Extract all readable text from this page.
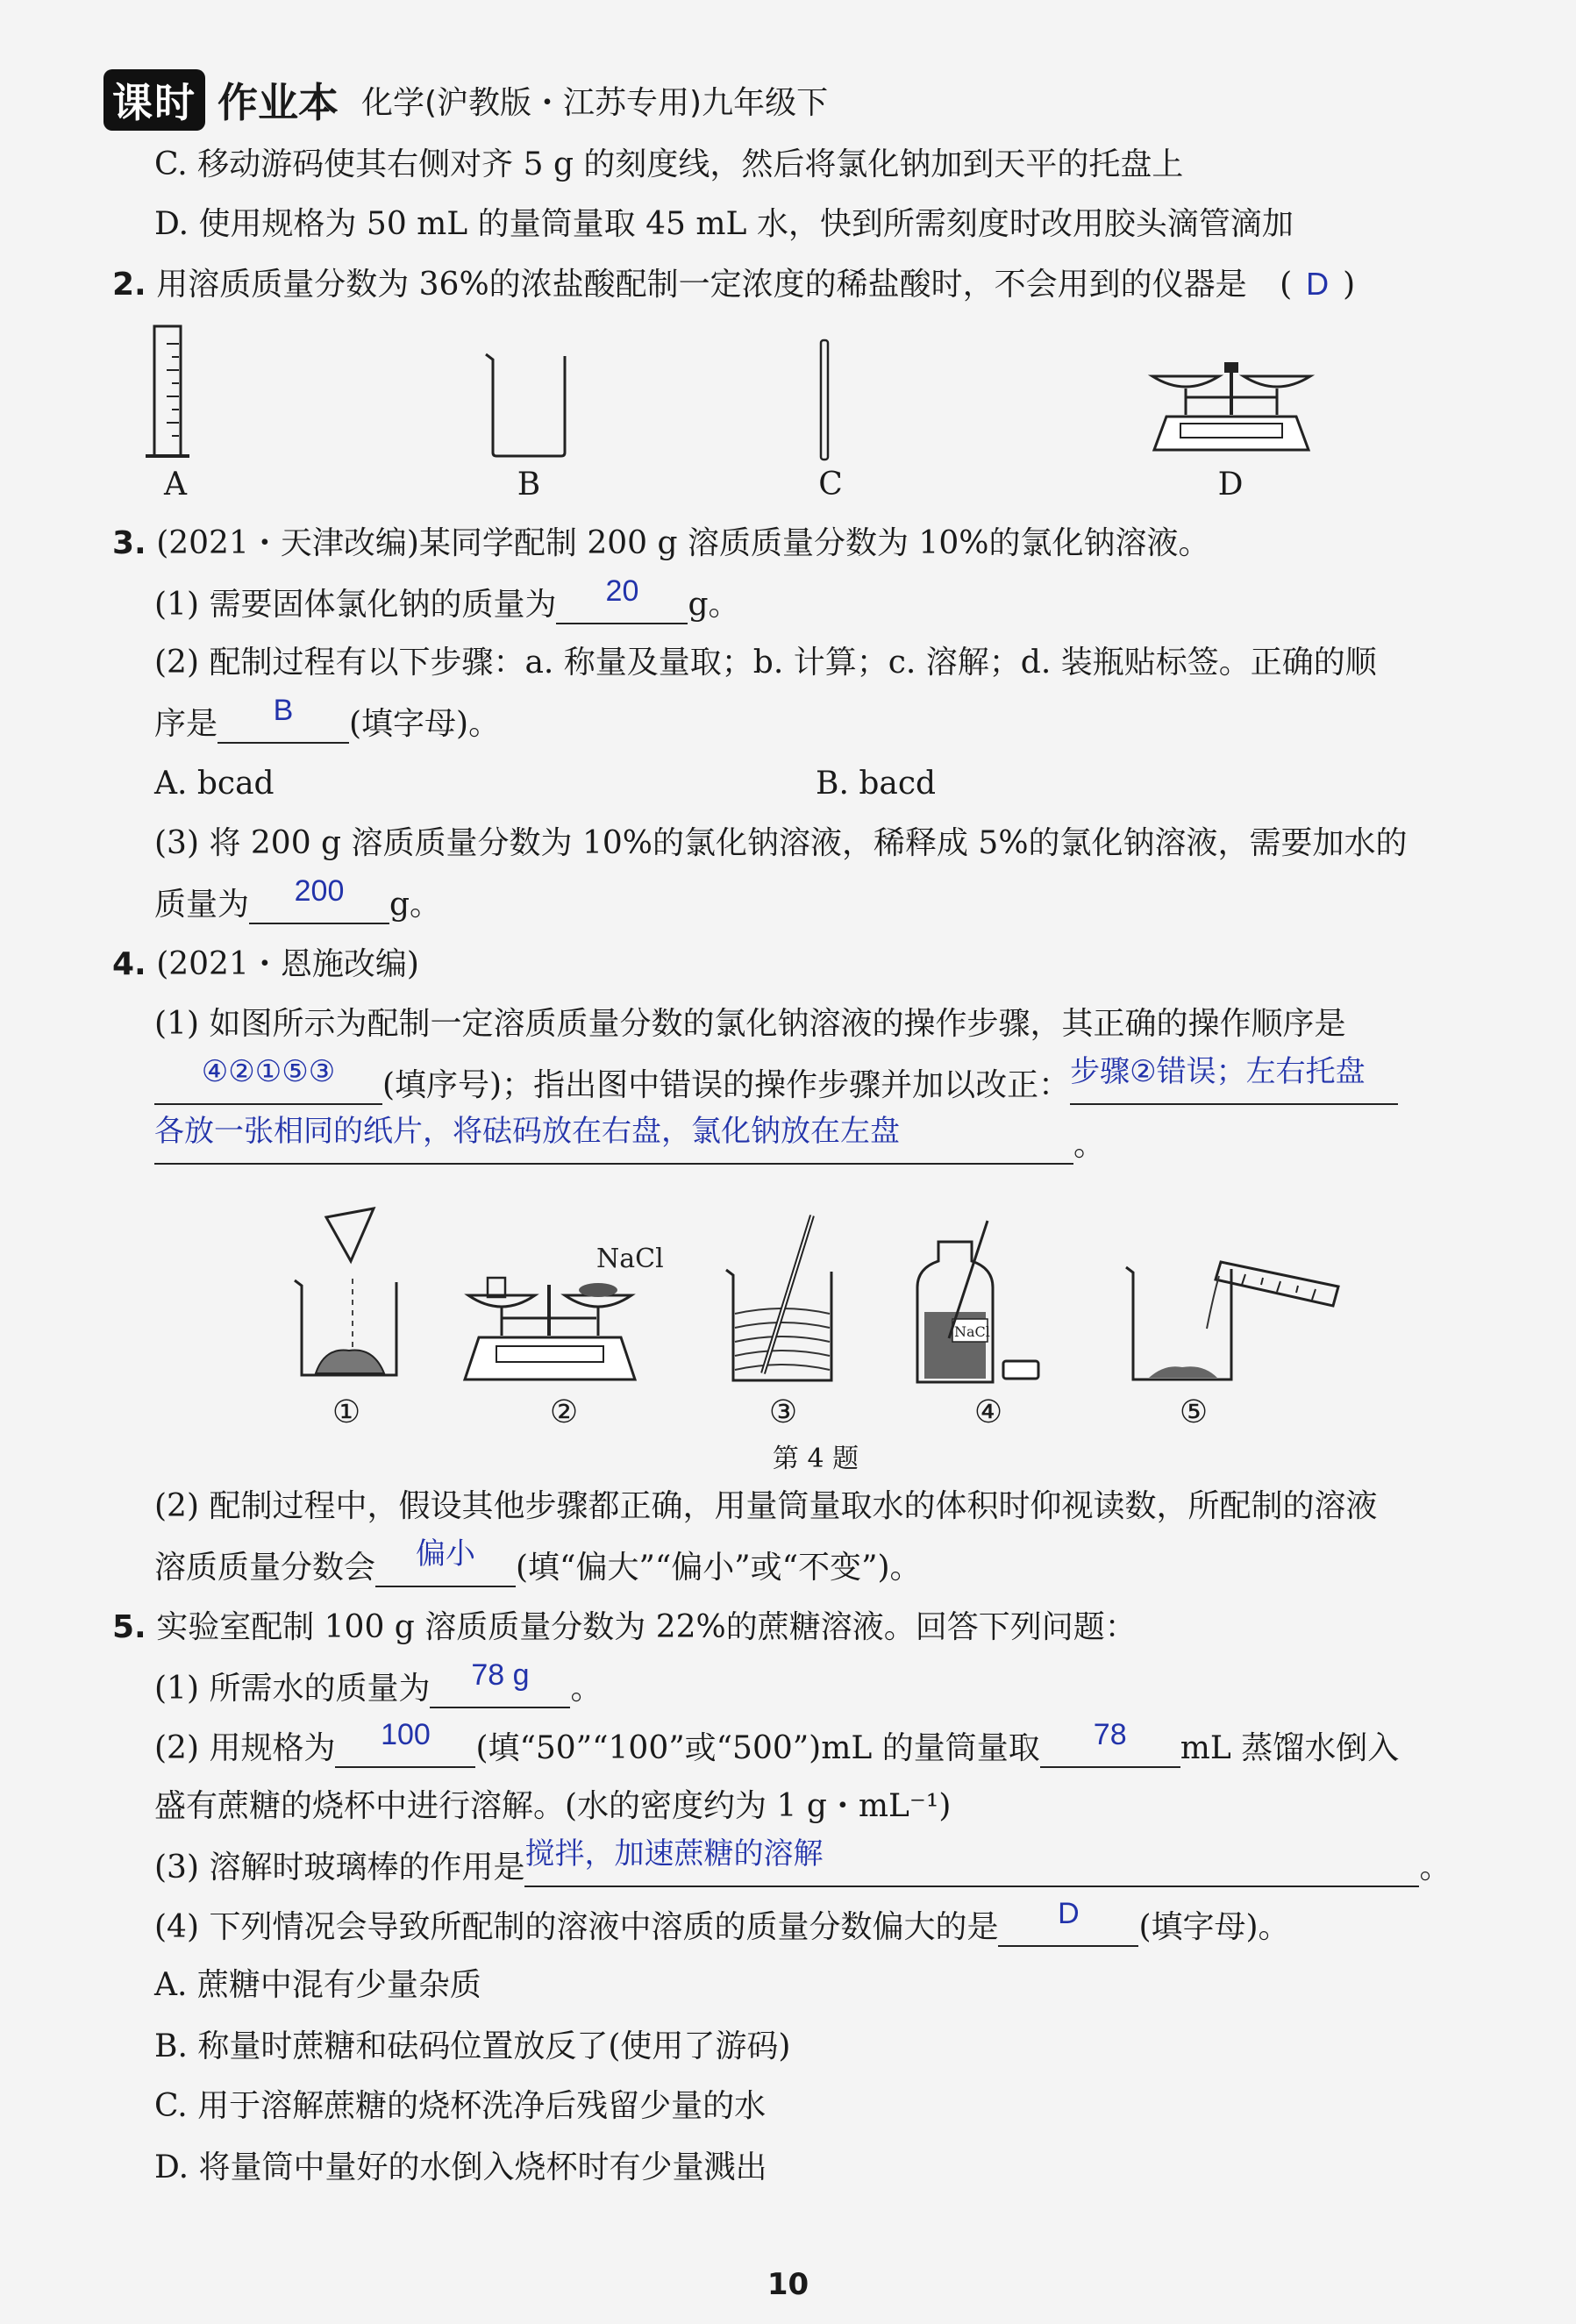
课时 作业本 化学(沪教版・江苏专用)九年级下
C. 移动游码使其右侧对齐 5 g 的刻度线，然后将氯化钠加到天平的托盘上
D. 使用规格为 50 mL 的量筒量取 45 mL 水，快到所需刻度时改用胶头滴管滴加
2. 用溶质质量分数为 36%的浓盐酸配制一定浓度的稀盐酸时，不会用到的仪器是 ( D )
A	B	C	D
3. (2021・天津改编)某同学配制 200 g 溶质质量分数为 10%的氯化钠溶液。
(1) 需要固体氯化钠的质量为 20 g。
(2) 配制过程有以下步骤：a. 称量及量取；b. 计算；c. 溶解；d. 装瓶贴标签。正确的顺
序是 B (填字母)。
A. bcad	B. bacd
(3) 将 200 g 溶质质量分数为 10%的氯化钠溶液，稀释成 5%的氯化钠溶液，需要加水的
质量为 200 g。
4. (2021・恩施改编)
(1) 如图所示为配制一定溶质质量分数的氯化钠溶液的操作步骤，其正确的操作顺序是
④②①⑤③ (填序号)；指出图中错误的操作步骤并加以改正：步骤②错误；左右托盘
各放一张相同的纸片，将砝码放在右盘，氯化钠放在左盘	。
NaCl
NaCl
①	②	③	④	⑤
第 4 题
(2) 配制过程中，假设其他步骤都正确，用量筒量取水的体积时仰视读数，所配制的溶液
溶质质量分数会 偏小 (填“偏大”“偏小”或“不变”)。
5. 实验室配制 100 g 溶质质量分数为 22%的蔗糖溶液。回答下列问题：
(1) 所需水的质量为 78 g 。
(2) 用规格为 100 (填“50”“100”或“500”)mL 的量筒量取 78 mL 蒸馏水倒入
盛有蔗糖的烧杯中进行溶解。(水的密度约为 1 g・mL⁻¹)
(3) 溶解时玻璃棒的作用是搅拌，加速蔗糖的溶解	。
(4) 下列情况会导致所配制的溶液中溶质的质量分数偏大的是 D (填字母)。
A. 蔗糖中混有少量杂质
B. 称量时蔗糖和砝码位置放反了(使用了游码)
C. 用于溶解蔗糖的烧杯洗净后残留少量的水
D. 将量筒中量好的水倒入烧杯时有少量溅出
10
